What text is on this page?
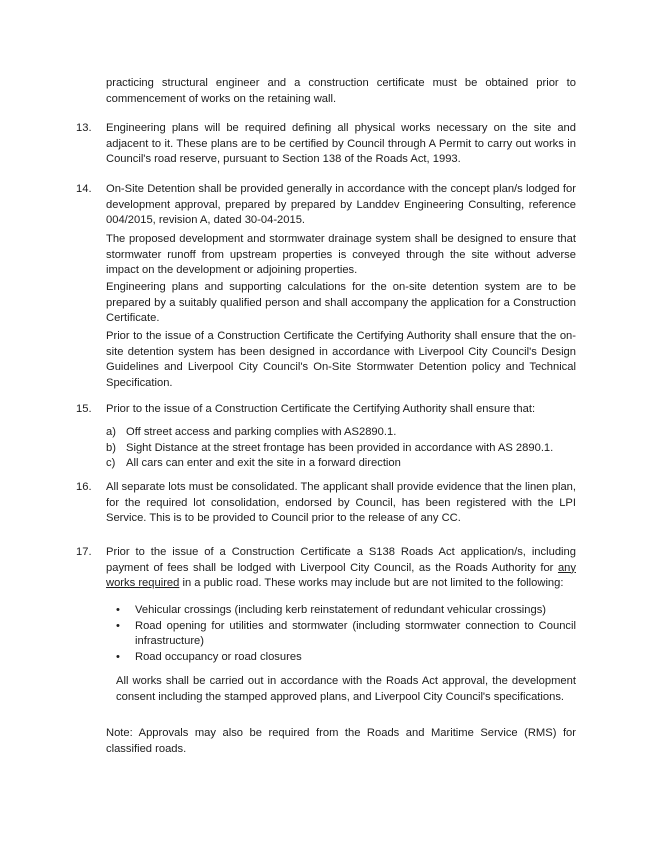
practicing structural engineer and a construction certificate must be obtained prior to commencement of works on the retaining wall.

13.	Engineering plans will be required defining all physical works necessary on the site and adjacent to it. These plans are to be certified by Council through A Permit to carry out works in Council's road reserve, pursuant to Section 138 of the Roads Act, 1993.

14.	On-Site Detention shall be provided generally in accordance with the concept plan/s lodged for development approval, prepared by prepared by Landdev Engineering Consulting, reference 004/2015, revision A, dated 30-04-2015.

The proposed development and stormwater drainage system shall be designed to ensure that stormwater runoff from upstream properties is conveyed through the site without adverse impact on the development or adjoining properties.

Engineering plans and supporting calculations for the on-site detention system are to be prepared by a suitably qualified person and shall accompany the application for a Construction Certificate.

Prior to the issue of a Construction Certificate the Certifying Authority shall ensure that the on-site detention system has been designed in accordance with Liverpool City Council's Design Guidelines and Liverpool City Council's On-Site Stormwater Detention policy and Technical Specification.

15.	Prior to the issue of a Construction Certificate the Certifying Authority shall ensure that:

a) Off street access and parking complies with AS2890.1.
b) Sight Distance at the street frontage has been provided in accordance with AS 2890.1.
c) All cars can enter and exit the site in a forward direction
16.	All separate lots must be consolidated. The applicant shall provide evidence that the linen plan, for the required lot consolidation, endorsed by Council, has been registered with the LPI Service. This is to be provided to Council prior to the release of any CC.

17.	Prior to the issue of a Construction Certificate a S138 Roads Act application/s, including payment of fees shall be lodged with Liverpool City Council, as the Roads Authority for any works required in a public road. These works may include but are not limited to the following:

•	Vehicular crossings (including kerb reinstatement of redundant vehicular crossings)

•	Road opening for utilities and stormwater (including stormwater connection to Council infrastructure)

•	Road occupancy or road closures

All works shall be carried out in accordance with the Roads Act approval, the development consent including the stamped approved plans, and Liverpool City Council's specifications.

Note: Approvals may also be required from the Roads and Maritime Service (RMS) for classified roads.
